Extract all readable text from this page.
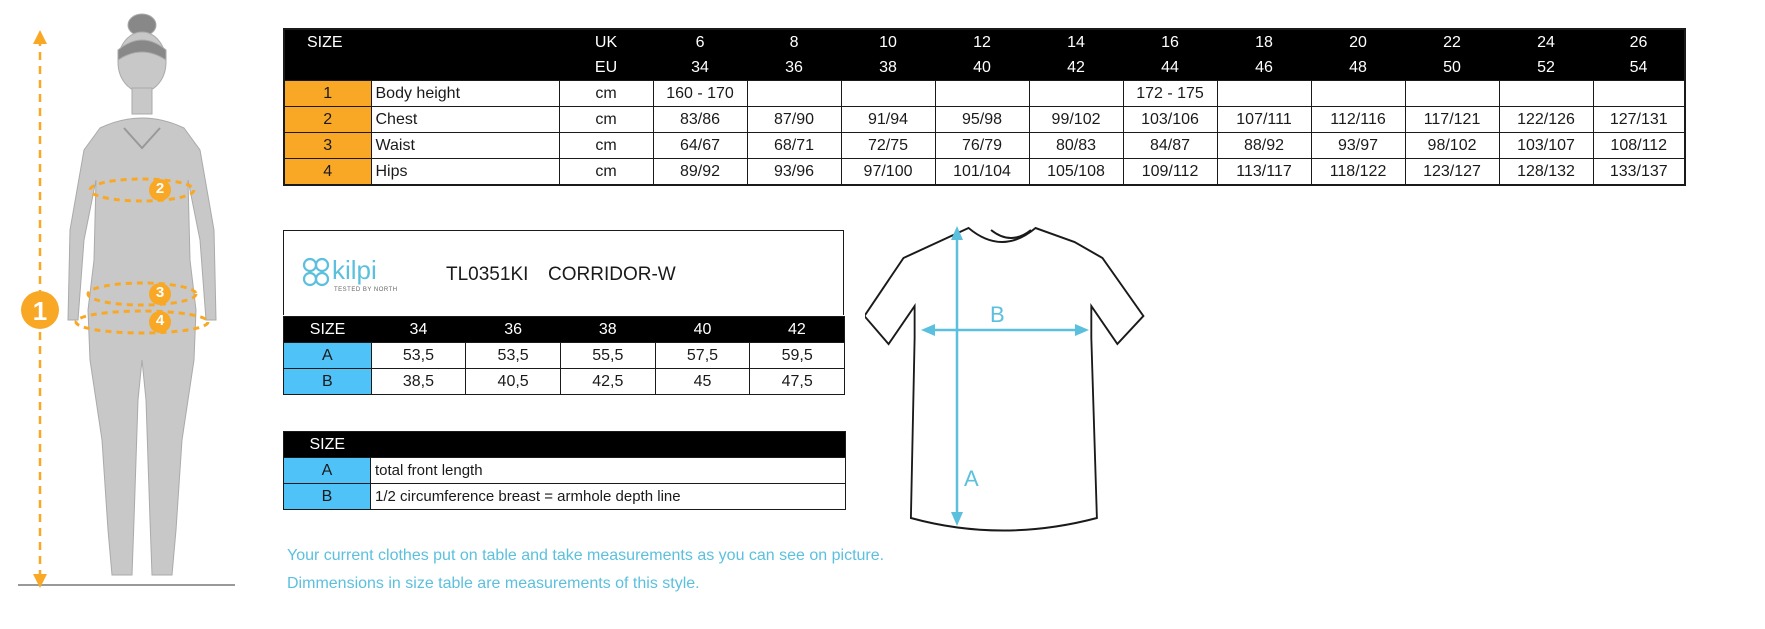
1
2
3
4
SIZE		UK	6	8	10	12	14	16	18	20	22	24	26
		EU	34	36	38	40	42	44	46	48	50	52	54
1	Body height	cm	160 - 170					172 - 175					
2	Chest	cm	83/86	87/90	91/94	95/98	99/102	103/106	107/111	112/116	117/121	122/126	127/131
3	Waist	cm	64/67	68/71	72/75	76/79	80/83	84/87	88/92	93/97	98/102	103/107	108/112
4	Hips	cm	89/92	93/96	97/100	101/104	105/108	109/112	113/117	118/122	123/127	128/132	133/137
kilpi
TESTED BY NORTH
TL0351KI CORRIDOR-W
SIZE	34	36	38	40	42
A	53,5	53,5	55,5	57,5	59,5
B	38,5	40,5	42,5	45	47,5
SIZE	
A	total front length
B	1/2 circumference breast = armhole depth line
A
B
Your current clothes put on table and take measurements as you can see on picture.
Dimmensions in size table are measurements of this style.
